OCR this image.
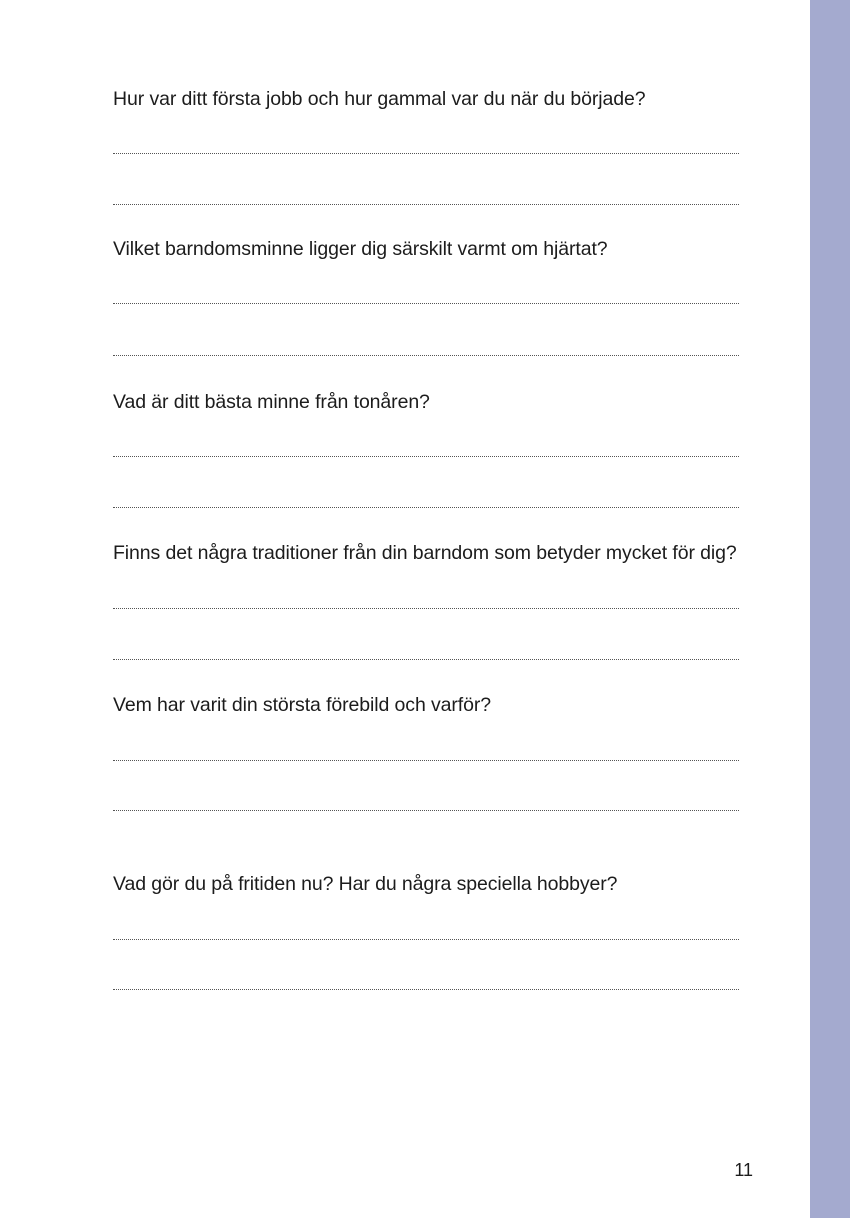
Hur var ditt första jobb och hur gammal var du när du började?
Vilket barndomsminne ligger dig särskilt varmt om hjärtat?
Vad är ditt bästa minne från tonåren?
Finns det några traditioner från din barndom som betyder mycket för dig?
Vem har varit din största förebild och varför?
Vad gör du på fritiden nu? Har du några speciella hobbyer?
11
